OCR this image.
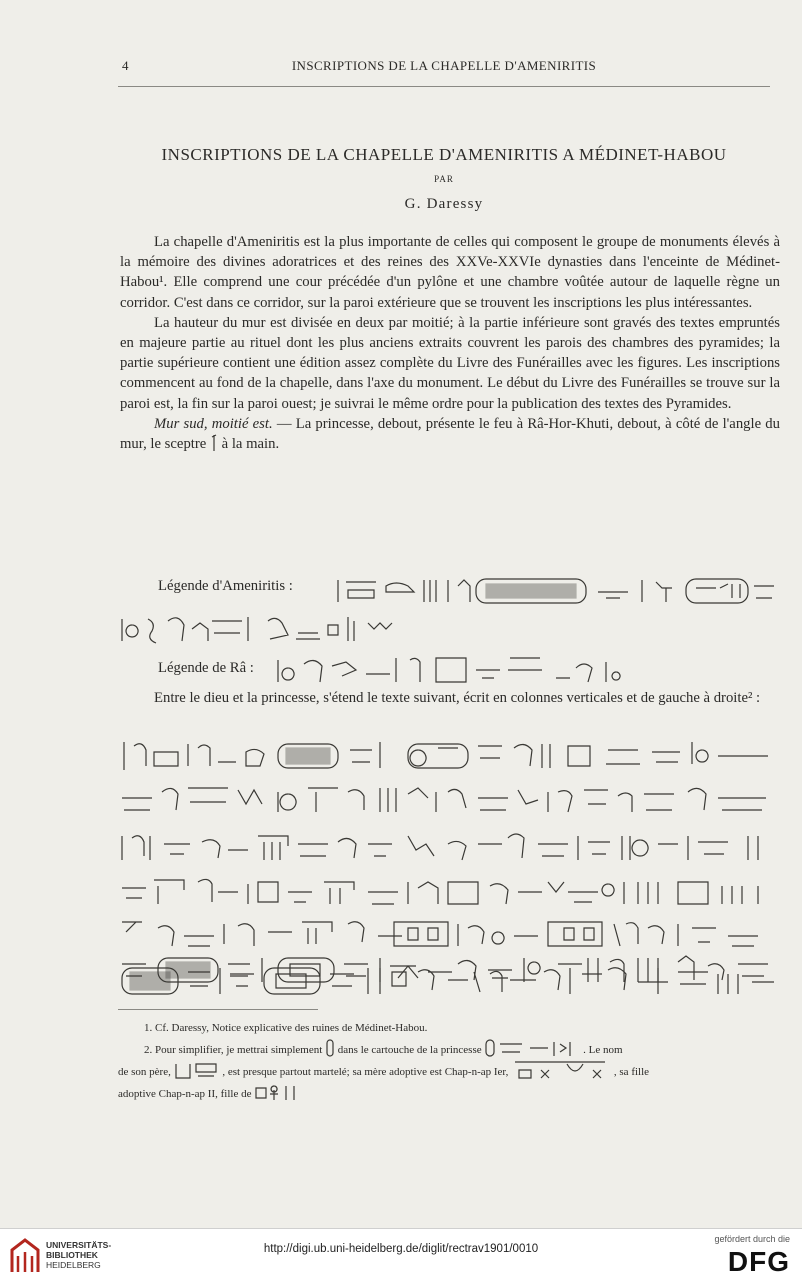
4	INSCRIPTIONS DE LA CHAPELLE D'AMENIRITIS
INSCRIPTIONS DE LA CHAPELLE D'AMENIRITIS A MÉDINET-HABOU
PAR
G. Daressy

La chapelle d'Ameniritis est la plus importante de celles qui composent le groupe de monuments élevés à la mémoire des divines adoratrices et des reines des XXVe-XXVIe dynasties dans l'enceinte de Médinet-Habou¹. Elle comprend une cour précédée d'un pylône et une chambre voûtée autour de laquelle règne un corridor. C'est dans ce corridor, sur la paroi extérieure que se trouvent les inscriptions les plus intéressantes.

La hauteur du mur est divisée en deux par moitié; à la partie inférieure sont gravés des textes empruntés en majeure partie au rituel dont les plus anciens extraits couvrent les parois des chambres des pyramides; la partie supérieure contient une édition assez complète du Livre des Funérailles avec les figures. Les inscriptions commencent au fond de la chapelle, dans l'axe du monument. Le début du Livre des Funérailles se trouve sur la paroi est, la fin sur la paroi ouest; je suivrai le même ordre pour la publication des textes des Pyramides.

Mur sud, moitié est. — La princesse, debout, présente le feu à Râ-Hor-Khuti, debout, à côté de l'angle du mur, le sceptre  à la main.

Légende d'Ameniritis :
Légende de Râ :

Entre le dieu et la princesse, s'étend le texte suivant, écrit en colonnes verticales et de gauche à droite² :

1. Cf. Daressy, Notice explicative des ruines de Médinet-Habou.

2. Pour simplifier, je mettrai simplement dans le cartouche de la princesse	. Le nom

de son père,	, est presque partout martelé; sa mère adoptive est Chap-n-ap Ier,	, sa fille

adoptive Chap-n-ap II, fille de

UNIVERSITÄTS-
BIBLIOTHEK
HEIDELBERG
http://digi.ub.uni-heidelberg.de/diglit/rectrav1901/0010
gefördert durch die
DFG
